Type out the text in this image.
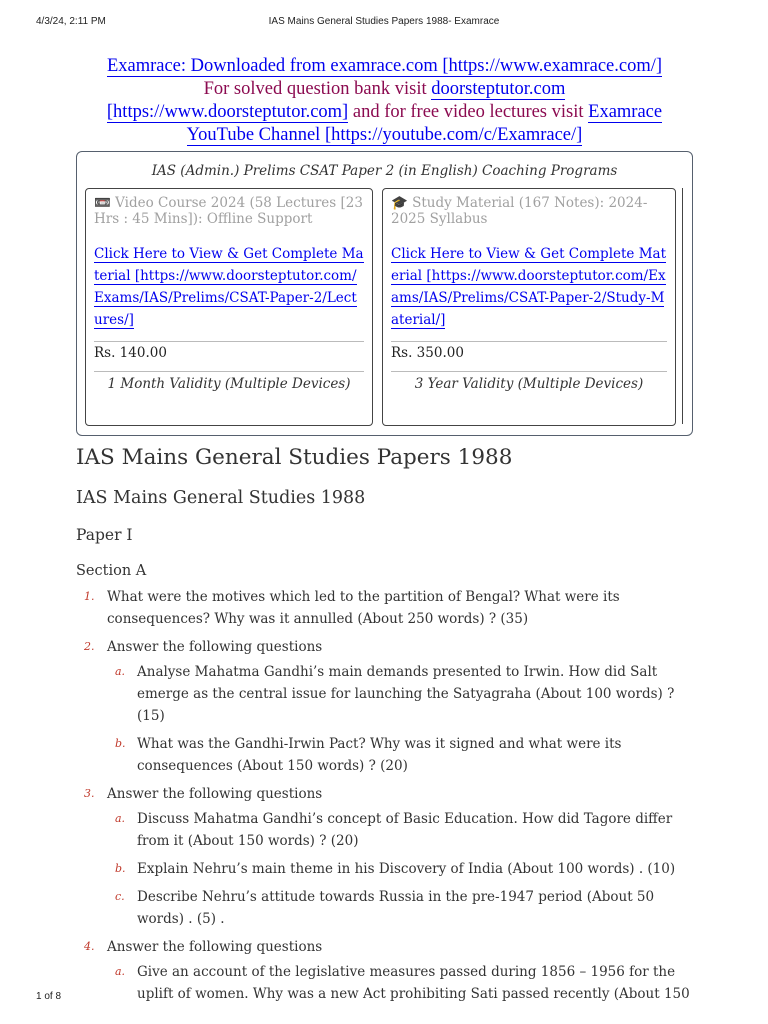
4/3/24, 2:11 PM	IAS Mains General Studies Papers 1988- Examrace
Examrace: Downloaded from examrace.com [https://www.examrace.com/]
For solved question bank visit doorsteptutor.com
[https://www.doorsteptutor.com] and for free video lectures visit Examrace
YouTube Channel [https://youtube.com/c/Examrace/]
IAS (Admin.) Prelims CSAT Paper 2 (in English) Coaching Programs
📼 Video Course 2024 (58 Lectures [23 Hrs : 45 Mins]): Offline Support
Click Here to View & Get Complete Material [https://www.doorsteptutor.com/Exams/IAS/Prelims/CSAT-Paper-2/Lectures/]
Rs. 140.00
1 Month Validity (Multiple Devices)
🎓 Study Material (167 Notes): 2024-2025 Syllabus
Click Here to View & Get Complete Material [https://www.doorsteptutor.com/Exams/IAS/Prelims/CSAT-Paper-2/Study-Material/]
Rs. 350.00
3 Year Validity (Multiple Devices)
IAS Mains General Studies Papers 1988
IAS Mains General Studies 1988
Paper I
Section A
1. What were the motives which led to the partition of Bengal? What were its consequences? Why was it annulled (About 250 words) ? (35)
2. Answer the following questions
a. Analyse Mahatma Gandhi’s main demands presented to Irwin. How did Salt emerge as the central issue for launching the Satyagraha (About 100 words) ? (15)
b. What was the Gandhi-Irwin Pact? Why was it signed and what were its consequences (About 150 words) ? (20)
3. Answer the following questions
a. Discuss Mahatma Gandhi’s concept of Basic Education. How did Tagore differ from it (About 150 words) ? (20)
b. Explain Nehru’s main theme in his Discovery of India (About 100 words) . (10)
c. Describe Nehru’s attitude towards Russia in the pre-1947 period (About 50 words) . (5) .
4. Answer the following questions
a. Give an account of the legislative measures passed during 1856 – 1956 for the uplift of women. Why was a new Act prohibiting Sati passed recently (About 150
1 of 8
